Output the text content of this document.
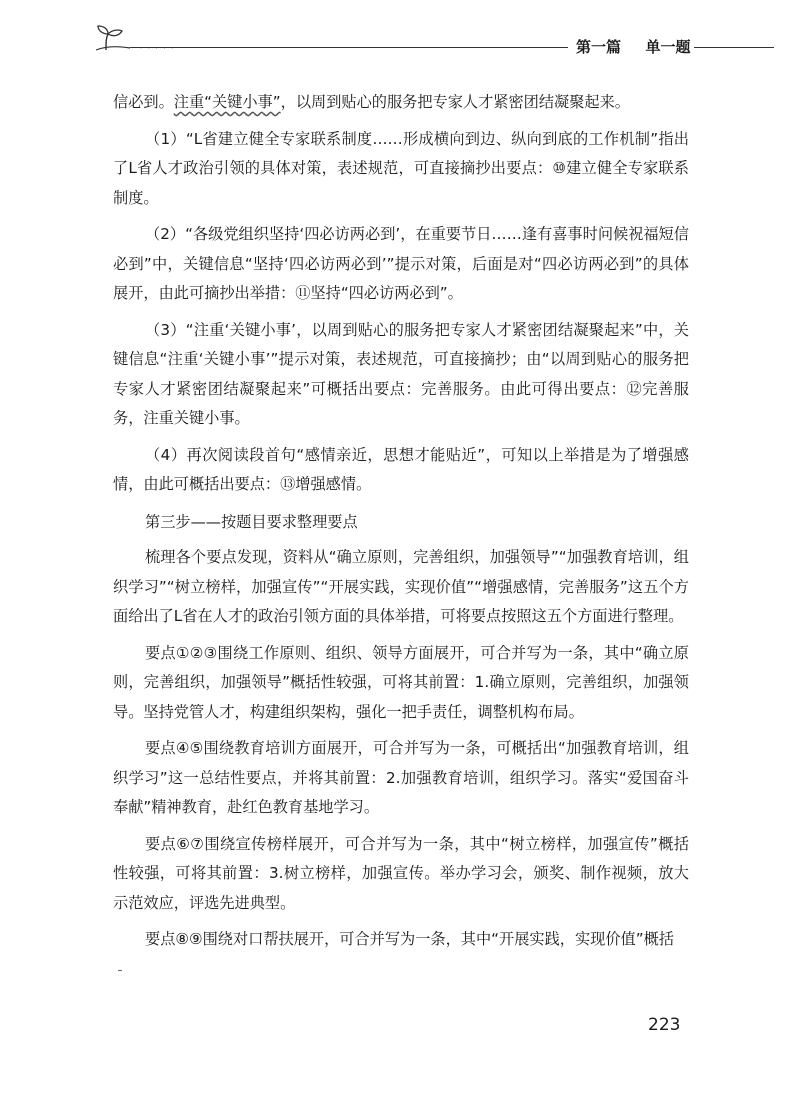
· · · · ·	第一篇 单一题

信必到。注重“关键小事”，以周到贴心的服务把专家人才紧密团结凝聚起来。

（1）“L省建立健全专家联系制度……形成横向到边、纵向到底的工作机制”指出了L省人才政治引领的具体对策，表述规范，可直接摘抄出要点：⑩建立健全专家联系制度。

（2）“各级党组织坚持‘四必访两必到’，在重要节日……逢有喜事时问候祝福短信必到”中，关键信息“坚持‘四必访两必到’”提示对策，后面是对“四必访两必到”的具体展开，由此可摘抄出举措：⑪坚持“四必访两必到”。

（3）“注重‘关键小事’，以周到贴心的服务把专家人才紧密团结凝聚起来”中，关键信息“注重‘关键小事’”提示对策，表述规范，可直接摘抄；由“以周到贴心的服务把专家人才紧密团结凝聚起来”可概括出要点：完善服务。由此可得出要点：⑫完善服务，注重关键小事。

（4）再次阅读段首句“感情亲近，思想才能贴近”，可知以上举措是为了增强感情，由此可概括出要点：⑬增强感情。

第三步——按题目要求整理要点

梳理各个要点发现，资料从“确立原则，完善组织，加强领导”“加强教育培训，组织学习”“树立榜样，加强宣传”“开展实践，实现价值”“增强感情，完善服务”这五个方面给出了L省在人才的政治引领方面的具体举措，可将要点按照这五个方面进行整理。

要点①②③围绕工作原则、组织、领导方面展开，可合并写为一条，其中“确立原则，完善组织，加强领导”概括性较强，可将其前置：1.确立原则，完善组织，加强领导。坚持党管人才，构建组织架构，强化一把手责任，调整机构布局。

要点④⑤围绕教育培训方面展开，可合并写为一条，可概括出“加强教育培训，组织学习”这一总结性要点，并将其前置：2.加强教育培训，组织学习。落实“爱国奋斗奉献”精神教育，赴红色教育基地学习。

要点⑥⑦围绕宣传榜样展开，可合并写为一条，其中“树立榜样，加强宣传”概括性较强，可将其前置：3.树立榜样，加强宣传。举办学习会，颁奖、制作视频，放大示范效应，评选先进典型。

要点⑧⑨围绕对口帮扶展开，可合并写为一条，其中“开展实践，实现价值”概括

223
